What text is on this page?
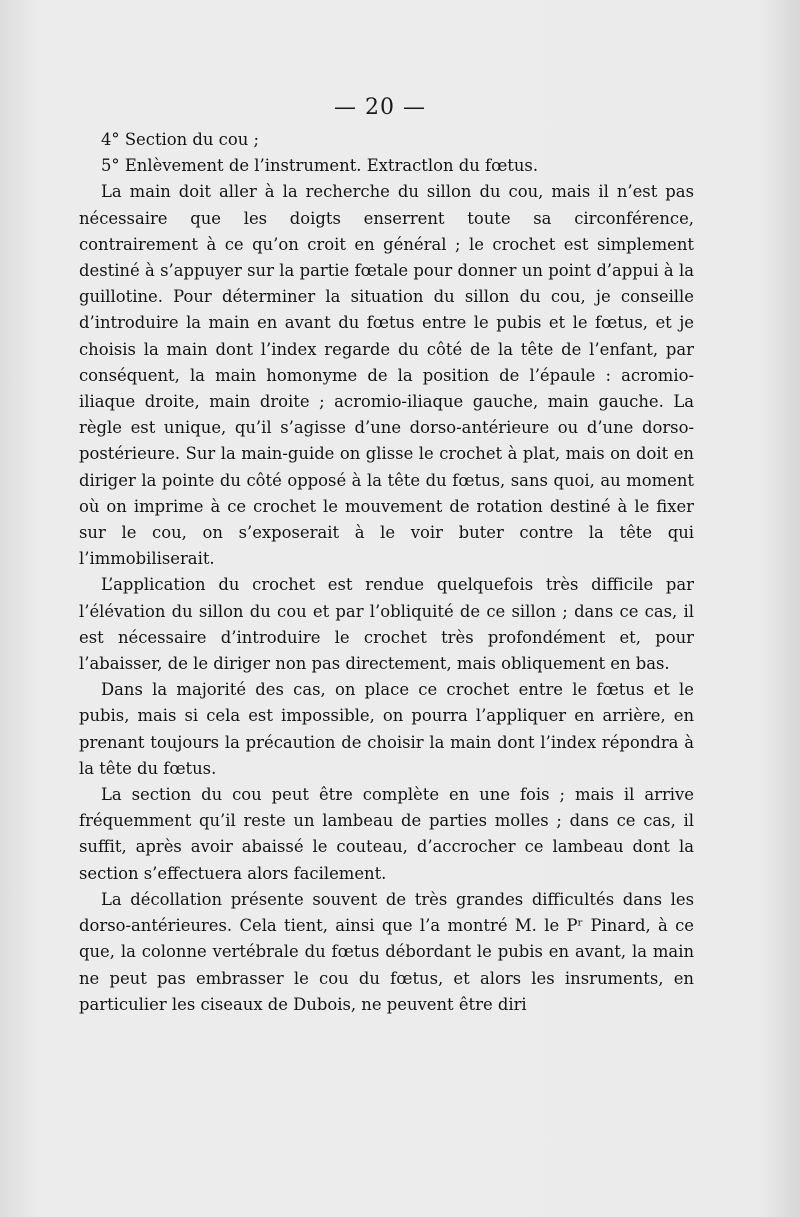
— 20 —

4° Section du cou ;

5° Enlèvement de l’instrument. Extractlon du fœtus.

La main doit aller à la recherche du sillon du cou, mais il n’est pas nécessaire que les doigts enserrent toute sa circonférence, contrairement à ce qu’on croit en général ; le crochet est simplement destiné à s’appuyer sur la partie fœtale pour donner un point d’appui à la guillotine. Pour déterminer la situation du sillon du cou, je conseille d’introduire la main en avant du fœtus entre le pubis et le fœtus, et je choisis la main dont l’index regarde du côté de la tête de l’enfant, par conséquent, la main homonyme de la position de l’épaule : acromio-iliaque droite, main droite ; acromio-iliaque gauche, main gauche. La règle est unique, qu’il s’agisse d’une dorso-antérieure ou d’une dorso-postérieure. Sur la main-guide on glisse le crochet à plat, mais on doit en diriger la pointe du côté opposé à la tête du fœtus, sans quoi, au moment où on imprime à ce crochet le mouvement de rotation destiné à le fixer sur le cou, on s’exposerait à le voir buter contre la tête qui l’immobiliserait.

L’application du crochet est rendue quelquefois très difficile par l’élévation du sillon du cou et par l’obliquité de ce sillon ; dans ce cas, il est nécessaire d’introduire le crochet très profondément et, pour l’abaisser, de le diriger non pas directement, mais obliquement en bas.

Dans la majorité des cas, on place ce crochet entre le fœtus et le pubis, mais si cela est impossible, on pourra l’appliquer en arrière, en prenant toujours la précaution de choisir la main dont l’index répondra à la tête du fœtus.

La section du cou peut être complète en une fois ; mais il arrive fréquemment qu’il reste un lambeau de parties molles ; dans ce cas, il suffit, après avoir abaissé le couteau, d’accrocher ce lambeau dont la section s’effectuera alors facilement.

La décollation présente souvent de très grandes difficultés dans les dorso-antérieures. Cela tient, ainsi que l’a montré M. le Pʳ Pinard, à ce que, la colonne vertébrale du fœtus débordant le pubis en avant, la main ne peut pas embrasser le cou du fœtus, et alors les insruments, en particulier les ciseaux de Dubois, ne peuvent être diri
